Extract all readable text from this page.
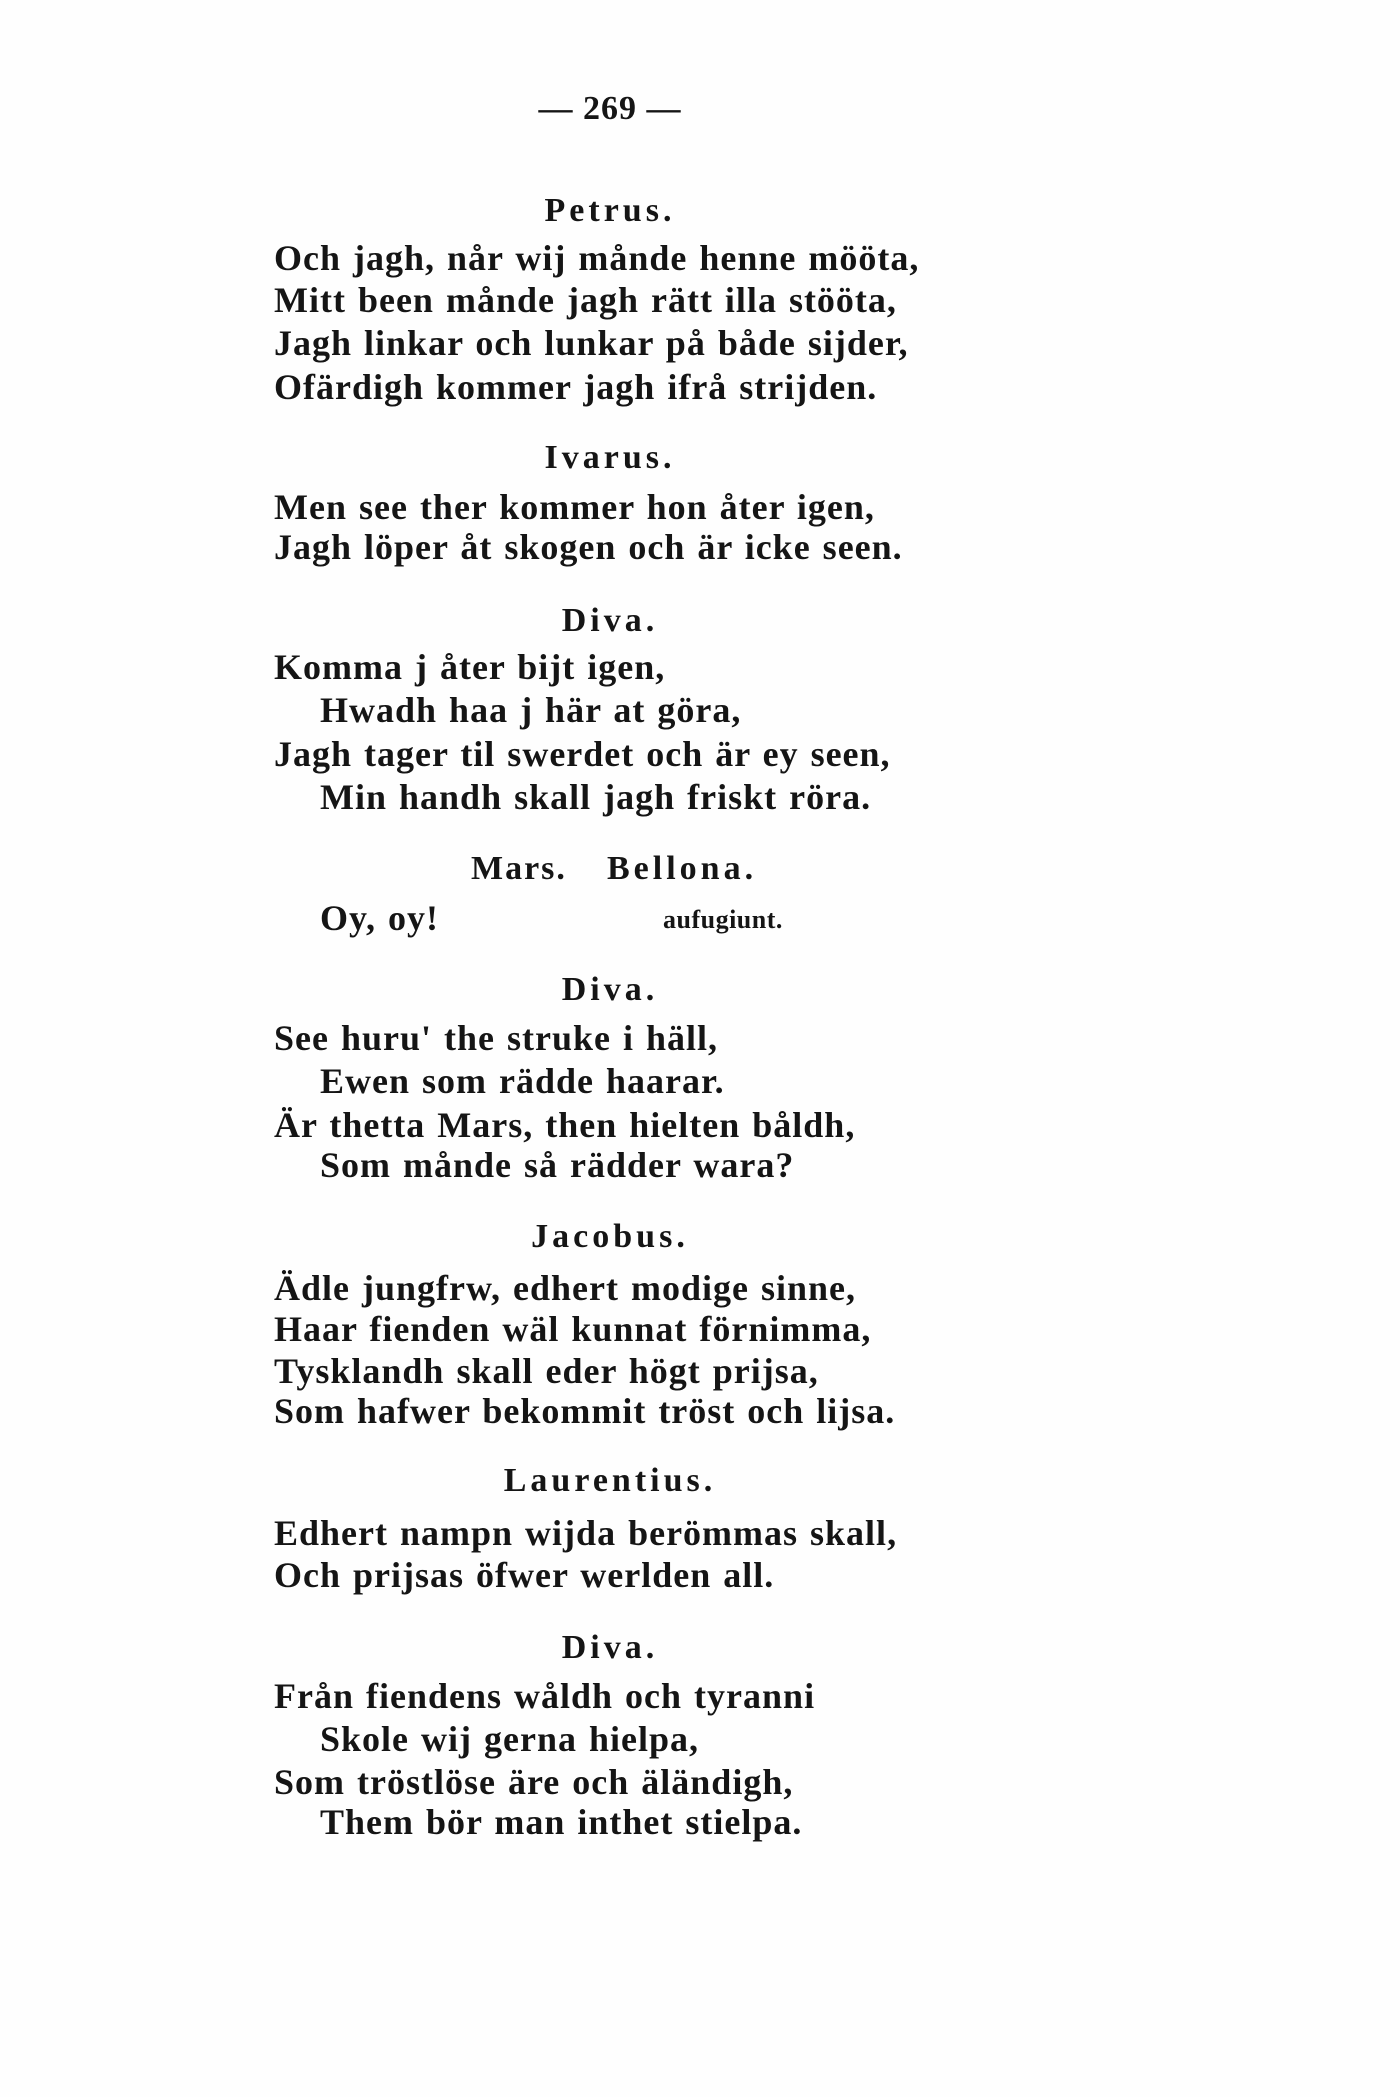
— 269 —
Petrus.
Och jagh, når wij månde henne mööta,
Mitt been månde jagh rätt illa stööta,
Jagh linkar och lunkar på både sijder,
Ofärdigh kommer jagh ifrå strijden.
Ivarus.
Men see ther kommer hon åter igen,
Jagh löper åt skogen och är icke seen.
Diva.
Komma j åter bijt igen,
Hwadh haa j här at göra,
Jagh tager til swerdet och är ey seen,
Min handh skall jagh friskt röra.
Mars. Bellona.
Oy, oy!	aufugiunt.
Diva.
See huru' the struke i häll,
Ewen som rädde haarar.
Är thetta Mars, then hielten båldh,
Som månde så rädder wara?
Jacobus.
Ädle jungfrw, edhert modige sinne,
Haar fienden wäl kunnat förnimma,
Tysklandh skall eder högt prijsa,
Som hafwer bekommit tröst och lijsa.
Laurentius.
Edhert nampn wijda berömmas skall,
Och prijsas öfwer werlden all.
Diva.
Från fiendens wåldh och tyranni
Skole wij gerna hielpa,
Som tröstlöse äre och äländigh,
Them bör man inthet stielpa.
